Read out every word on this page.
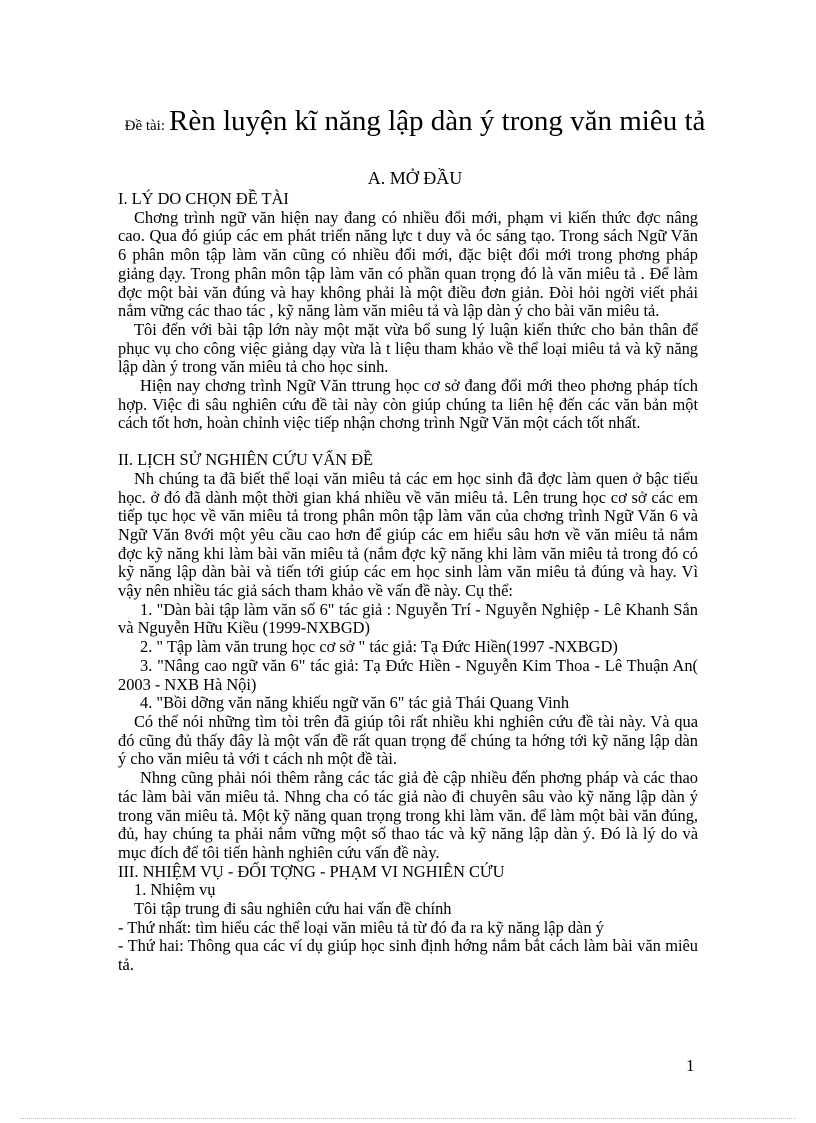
Đề tài: Rèn luyện kĩ năng lập dàn ý trong văn miêu tả
A. MỞ ĐẦU

I. LÝ DO CHỌN ĐỀ TÀI

Chơng trình ngữ văn hiện nay đang có nhiều đổi mới, phạm vi kiến thức đợc nâng cao. Qua đó giúp các em phát triển năng lực t duy và óc sáng tạo. Trong sách Ngữ Văn 6 phân môn tập làm văn cũng có nhiều đổi mới, đặc biệt đổi mới trong phơng pháp giảng dạy. Trong phân môn tập làm văn có phần quan trọng đó là văn miêu tả . Để làm đợc một bài văn đúng và hay không phải là một điều đơn giản. Đòi hỏi ngời viết phải nắm vững các thao tác , kỹ năng làm văn miêu tả và lập dàn ý cho bài văn miêu tả.

Tôi đến với bài tập lớn này một mặt vừa bổ sung lý luận kiến thức cho bản thân để phục vụ cho công việc giảng dạy vừa là t liệu tham khảo về thể loại miêu tả và kỹ năng lập dàn ý trong văn miêu tả cho học sinh.

Hiện nay chơng trình Ngữ Văn ttrung học cơ sở đang đổi mới theo phơng pháp tích hợp. Việc đi sâu nghiên cứu đề tài này còn giúp chúng ta liên hệ đến các văn bản một cách tốt hơn, hoàn chỉnh việc tiếp nhận chơng trình Ngữ Văn một cách tốt nhất.

II. LỊCH SỬ NGHIÊN CỨU VẤN ĐỀ

Nh chúng ta đã biết thể loại văn miêu tả các em học sinh đã đợc làm quen ở bậc tiểu học. ở đó đã dành một thời gian khá nhiều về văn miêu tả. Lên trung học cơ sở các em tiếp tục học về văn miêu tả trong phân môn tập làm văn của chơng trình Ngữ Văn 6 và Ngữ Văn 8với một yêu cầu cao hơn để giúp các em hiểu sâu hơn về văn miêu tả nắm đợc kỹ năng khi làm bài văn miêu tả (nắm đợc kỹ năng khi làm văn miêu tả trong đó có kỹ năng lập dàn bài và tiến tới giúp các em học sinh làm văn miêu tả đúng và hay. Vì vậy nên nhiều tác giả sách tham khảo về vấn đề này. Cụ thể:

1. "Dàn bài tập làm văn số 6" tác giả : Nguyễn Trí - Nguyễn Nghiệp - Lê Khanh Sắn và Nguyễn Hữu Kiều (1999-NXBGD)

2. " Tập làm văn trung học cơ sở " tác giả: Tạ Đức Hiền(1997 -NXBGD)

3. "Nâng cao ngữ văn 6" tác giả: Tạ Đức Hiền - Nguyễn Kim Thoa - Lê Thuận An( 2003 - NXB Hà Nội)

4. "Bồi dỡng văn năng khiếu ngữ văn 6" tác giả Thái Quang Vinh

Có thể nói những tìm tòi trên đã giúp tôi rất nhiều khi nghiên cứu đề tài này. Và qua đó cũng đủ thấy đây là một vấn đề rất quan trọng để chúng ta hớng tới kỹ năng lập dàn ý cho văn miêu tả với t cách nh một đề tài.

Nhng cũng phải nói thêm rằng các tác giả đè cập nhiều đến phơng pháp và các thao tác làm bài văn miêu tả. Nhng cha có tác giả nào đi chuyên sâu vào kỹ năng lập dàn ý trong văn miêu tả. Một kỹ năng quan trọng trong khi làm văn. để làm một bài văn đúng, đủ, hay chúng ta phải nắm vững một số thao tác và kỹ năng lập dàn ý. Đó là lý do và mục đích để tôi tiến hành nghiên cứu vấn đề này.

III. NHIỆM VỤ - ĐỐI TỢNG - PHẠM VI NGHIÊN CỨU

1. Nhiệm vụ

Tôi tập trung đi sâu nghiên cứu hai vấn đề chính

- Thứ nhất: tìm hiểu các thể loại văn miêu tả từ đó đa ra kỹ năng lập dàn ý

- Thứ hai: Thông qua các ví dụ giúp học sinh định hớng nắm bắt cách làm bài văn miêu tả.

1
